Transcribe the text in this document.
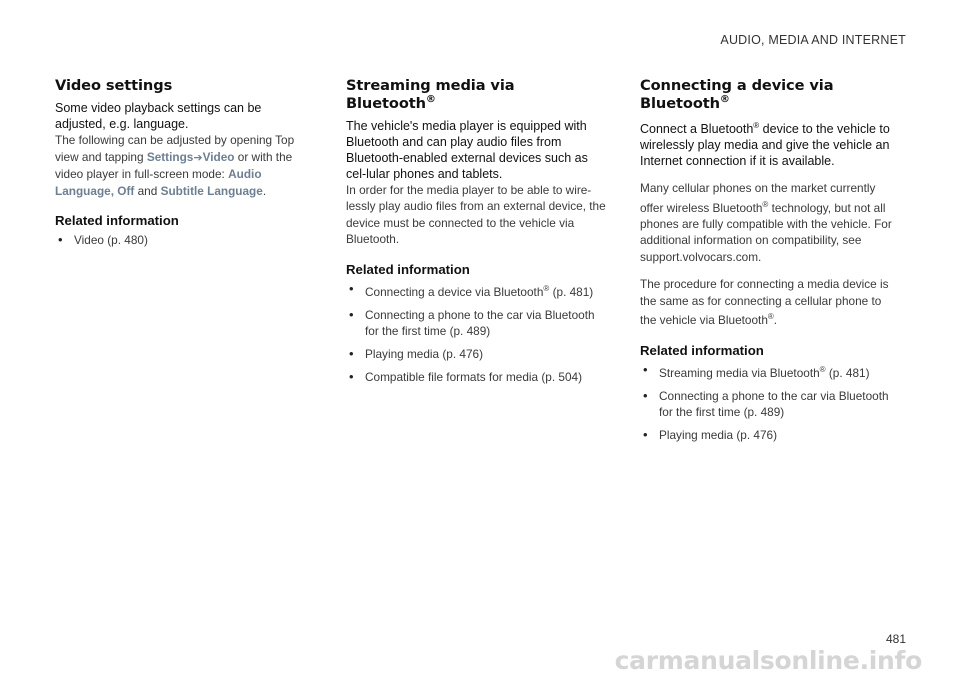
AUDIO, MEDIA AND INTERNET
Video settings

Some video playback settings can be adjusted, e.g. language.

The following can be adjusted by opening Top view and tapping Settings➔Video or with the video player in full-screen mode: Audio Language, Off and Subtitle Language.

Related information
• Video (p. 480)
Streaming media via Bluetooth®

The vehicle's media player is equipped with Bluetooth and can play audio files from Bluetooth-enabled external devices such as cel-lular phones and tablets.

In order for the media player to be able to wire-lessly play audio files from an external device, the device must be connected to the vehicle via Bluetooth.

Related information
• Connecting a device via Bluetooth® (p. 481)
• Connecting a phone to the car via Bluetooth for the first time (p. 489)
• Playing media (p. 476)
• Compatible file formats for media (p. 504)
Connecting a device via Bluetooth®

Connect a Bluetooth® device to the vehicle to wirelessly play media and give the vehicle an Internet connection if it is available.

Many cellular phones on the market currently offer wireless Bluetooth® technology, but not all phones are fully compatible with the vehicle. For additional information on compatibility, see support.volvocars.com.

The procedure for connecting a media device is the same as for connecting a cellular phone to the vehicle via Bluetooth®.

Related information
• Streaming media via Bluetooth® (p. 481)
• Connecting a phone to the car via Bluetooth for the first time (p. 489)
• Playing media (p. 476)
481
carmanualsonline.info
